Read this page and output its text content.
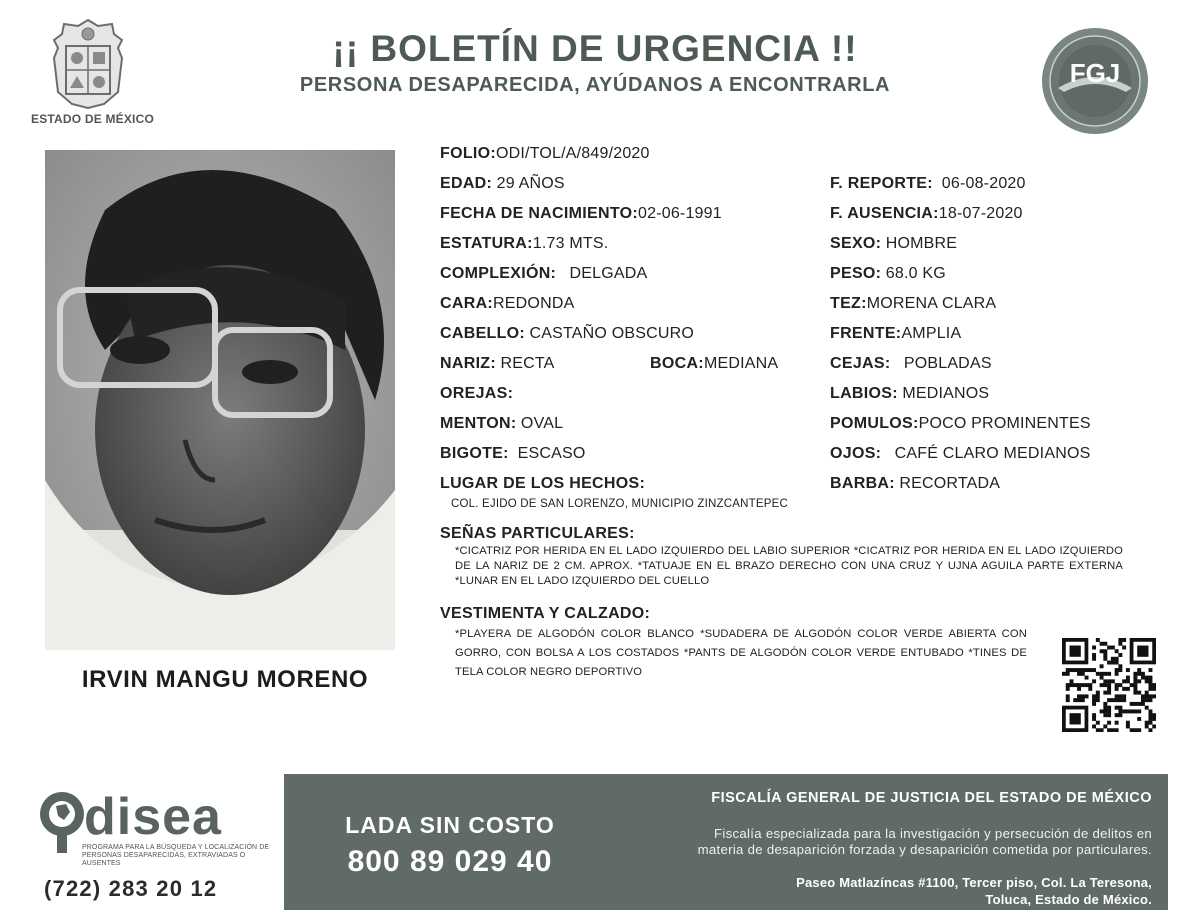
ESTADO DE MÉXICO
¡¡ BOLETÍN DE URGENCIA !!
PERSONA DESAPARECIDA, AYÚDANOS A ENCONTRARLA	FGJ
IRVIN MANGU MORENO
FOLIO:ODI/TOL/A/849/2020
EDAD: 29 AÑOS
FECHA DE NACIMIENTO:02-06-1991
ESTATURA:1.73 MTS.
COMPLEXIÓN: DELGADA
CARA:REDONDA
CABELLO: CASTAÑO OBSCURO
NARIZ: RECTA	BOCA:MEDIANA
OREJAS:
MENTON: OVAL
BIGOTE: ESCASO
LUGAR DE LOS HECHOS:
COL. EJIDO DE SAN LORENZO, MUNICIPIO ZINZCANTEPEC
F. REPORTE: 06-08-2020
F. AUSENCIA:18-07-2020
SEXO: HOMBRE
PESO: 68.0 KG
TEZ:MORENA CLARA
FRENTE:AMPLIA
CEJAS: POBLADAS
LABIOS: MEDIANOS
POMULOS:POCO PROMINENTES
OJOS: CAFÉ CLARO MEDIANOS
BARBA: RECORTADA
SEÑAS PARTICULARES:
*CICATRIZ POR HERIDA EN EL LADO IZQUIERDO DEL LABIO SUPERIOR *CICATRIZ POR HERIDA EN EL LADO IZQUIERDO DE LA NARIZ DE 2 CM. APROX. *TATUAJE EN EL BRAZO DERECHO CON UNA CRUZ Y UJNA AGUILA PARTE EXTERNA *LUNAR EN EL LADO IZQUIERDO DEL CUELLO
VESTIMENTA Y CALZADO:
*PLAYERA DE ALGODÓN COLOR BLANCO *SUDADERA DE ALGODÓN COLOR VERDE ABIERTA CON GORRO, CON BOLSA A LOS COSTADOS *PANTS DE ALGODÓN COLOR VERDE ENTUBADO *TINES DE TELA COLOR NEGRO DEPORTIVO
disea
PROGRAMA PARA LA BÚSQUEDA Y LOCALIZACIÓN DE PERSONAS DESAPARECIDAS, EXTRAVIADAS O AUSENTES
(722) 283 20 12
LADA SIN COSTO
800 89 029 40
FISCALÍA GENERAL DE JUSTICIA DEL ESTADO DE MÉXICO
Fiscalía especializada para la investigación y persecución de delitos en
materia de desaparición forzada y desaparición cometida por particulares.
Paseo Matlazíncas #1100, Tercer piso, Col. La Teresona,
Toluca, Estado de México.
